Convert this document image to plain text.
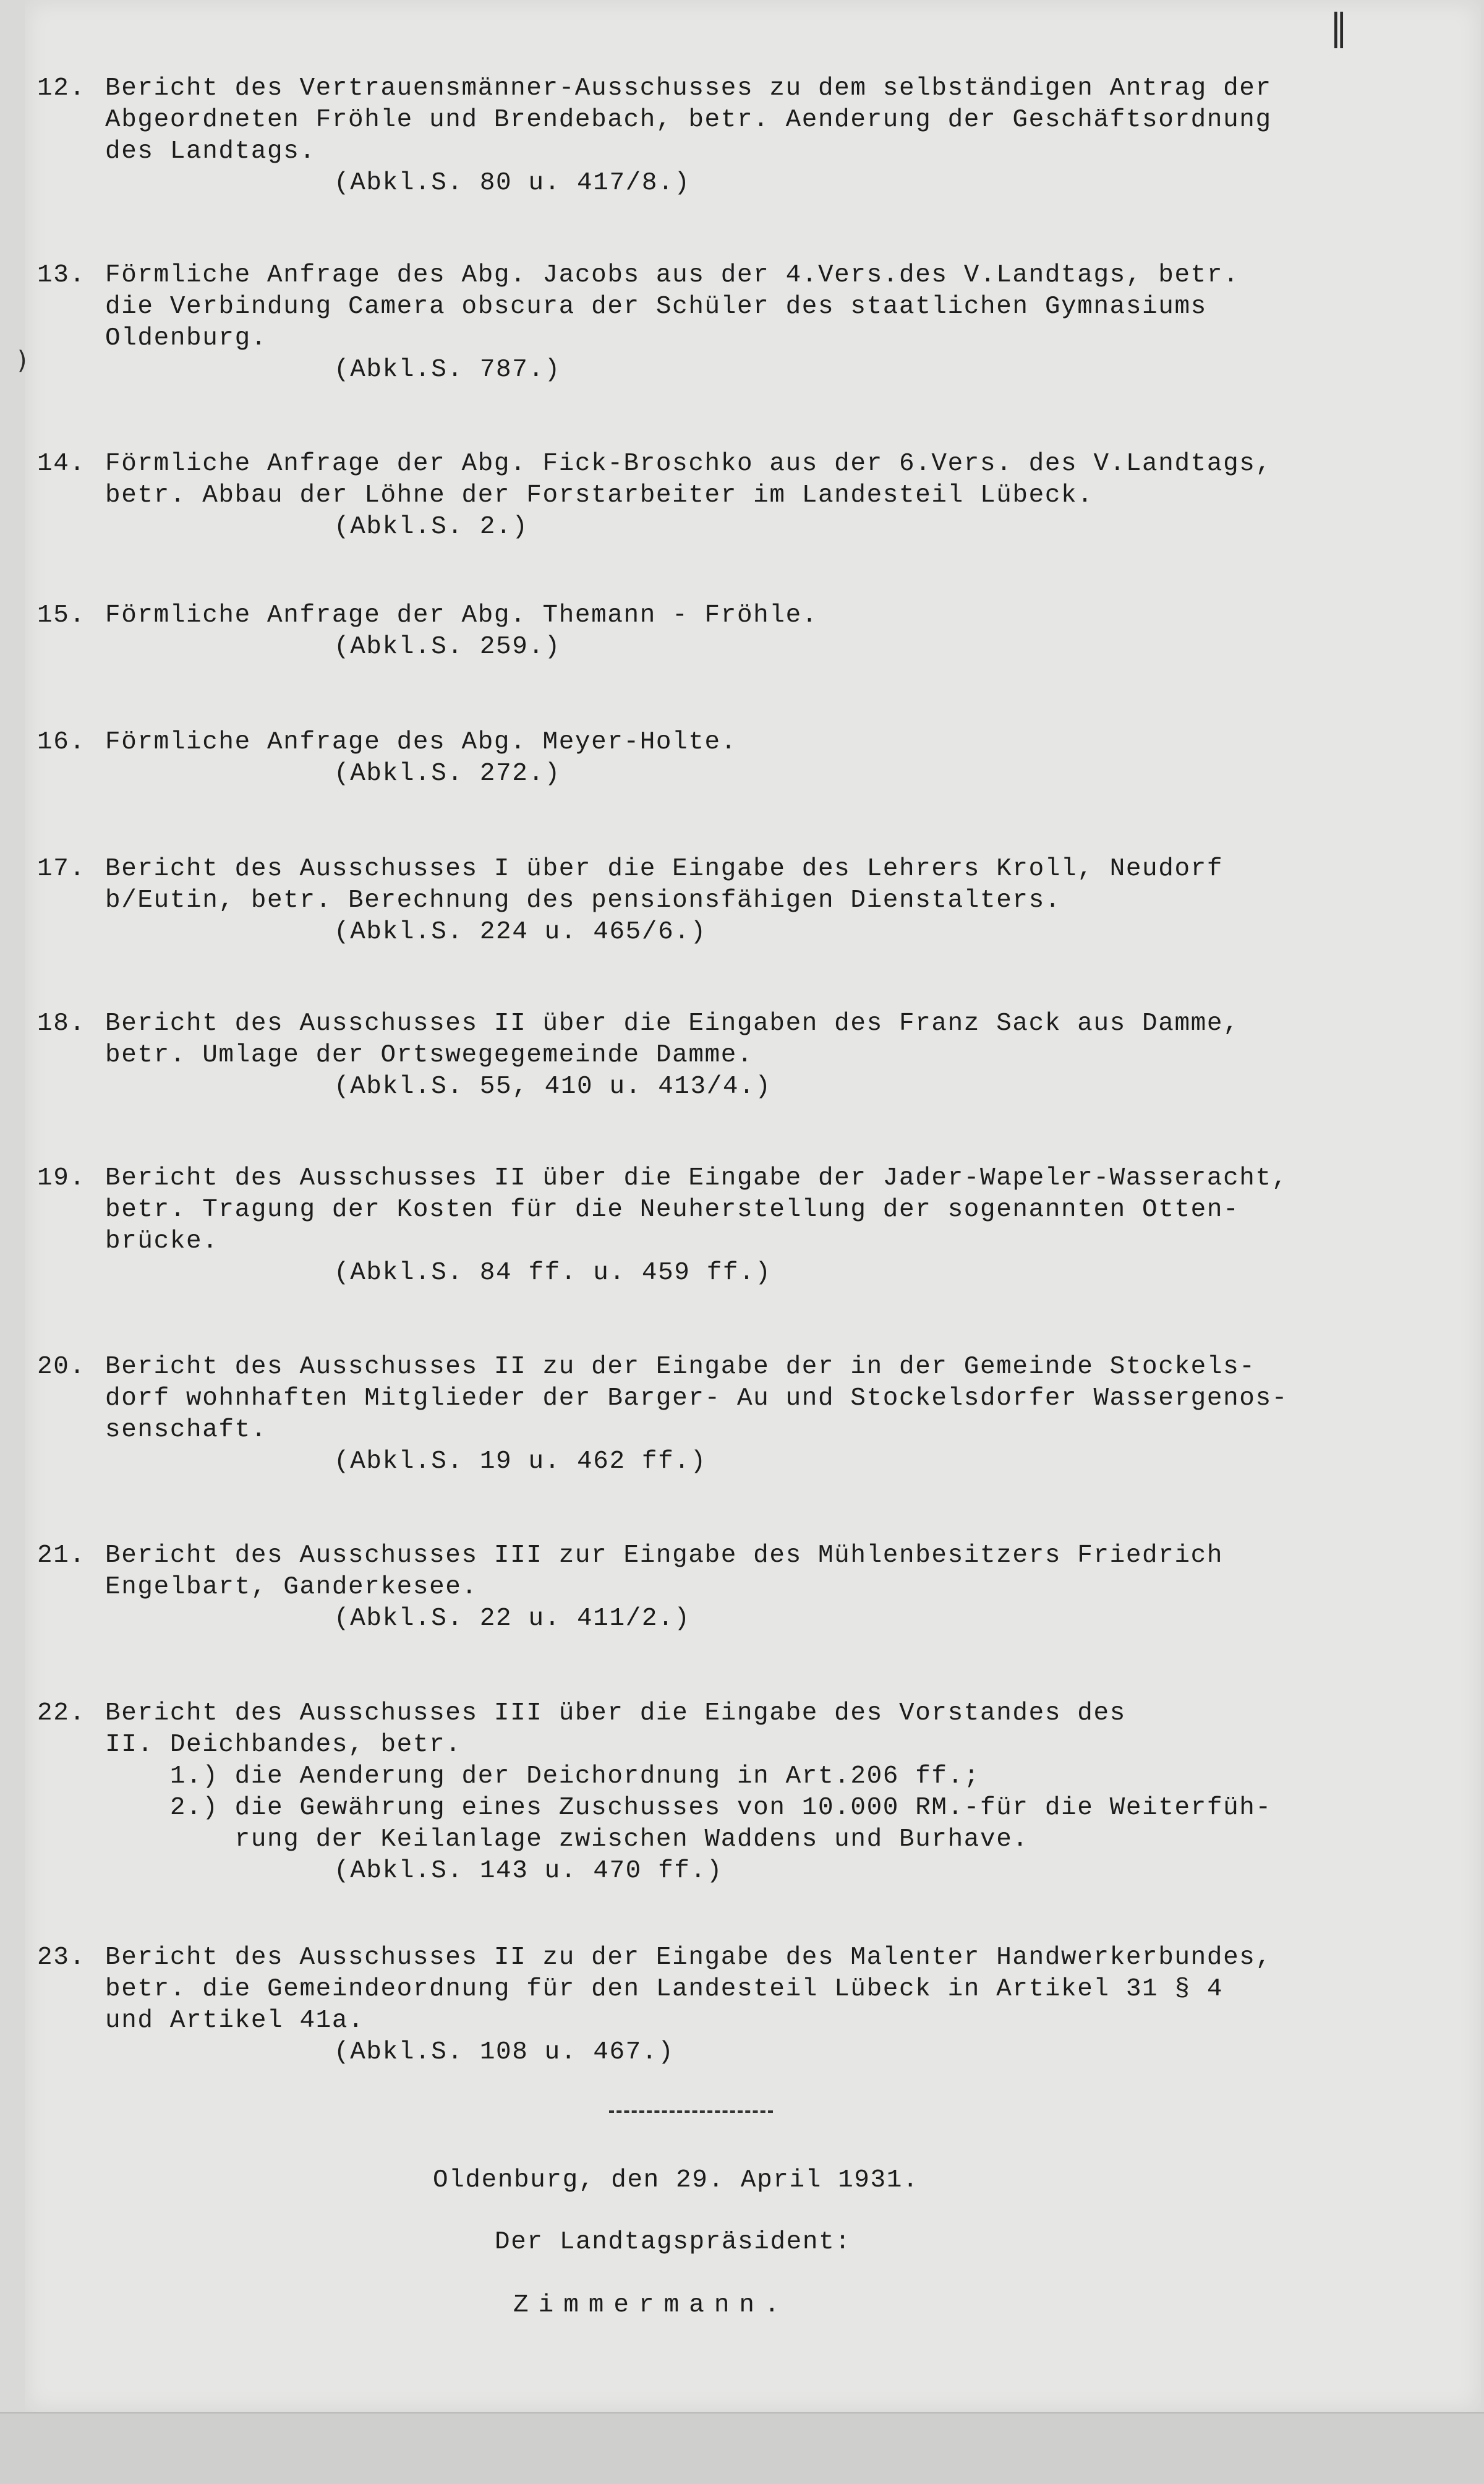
12. Bericht des Vertrauensmänner-Ausschusses zu dem selbständigen Antrag der
Abgeordneten Fröhle und Brendebach, betr. Aenderung der Geschäftsordnung
des Landtags.
(Abkl.S. 80 u. 417/8.)
13. Förmliche Anfrage des Abg. Jacobs aus der 4.Vers.des V.Landtags, betr.
die Verbindung Camera obscura der Schüler des staatlichen Gymnasiums
Oldenburg.
(Abkl.S. 787.)
14. Förmliche Anfrage der Abg. Fick-Broschko aus der 6.Vers. des V.Landtags,
betr. Abbau der Löhne der Forstarbeiter im Landesteil Lübeck.
(Abkl.S. 2.)
15. Förmliche Anfrage der Abg. Themann - Fröhle.
(Abkl.S. 259.)
16. Förmliche Anfrage des Abg. Meyer-Holte.
(Abkl.S. 272.)
17. Bericht des Ausschusses I über die Eingabe des Lehrers Kroll, Neudorf
b/Eutin, betr. Berechnung des pensionsfähigen Dienstalters.
(Abkl.S. 224 u. 465/6.)
18. Bericht des Ausschusses II über die Eingaben des Franz Sack aus Damme,
betr. Umlage der Ortswegegemeinde Damme.
(Abkl.S. 55, 410 u. 413/4.)
19. Bericht des Ausschusses II über die Eingabe der Jader-Wapeler-Wasseracht,
betr. Tragung der Kosten für die Neuherstellung der sogenannten Otten-
brücke.
(Abkl.S. 84 ff. u. 459 ff.)
20. Bericht des Ausschusses II zu der Eingabe der in der Gemeinde Stockels-
dorf wohnhaften Mitglieder der Barger- Au und Stockelsdorfer Wassergenos-
senschaft.
(Abkl.S. 19 u. 462 ff.)
21. Bericht des Ausschusses III zur Eingabe des Mühlenbesitzers Friedrich
Engelbart, Ganderkesee.
(Abkl.S. 22 u. 411/2.)
22. Bericht des Ausschusses III über die Eingabe des Vorstandes des
II. Deichbandes, betr.
1.) die Aenderung der Deichordnung in Art.206 ff.;
2.) die Gewährung eines Zuschusses von 10.000 RM.-für die Weiterfüh-
rung der Keilanlage zwischen Waddens und Burhave.
(Abkl.S. 143 u. 470 ff.)
23. Bericht des Ausschusses II zu der Eingabe des Malenter Handwerkerbundes,
betr. die Gemeindeordnung für den Landesteil Lübeck in Artikel 31 § 4
und Artikel 41a.
(Abkl.S. 108 u. 467.)
Oldenburg, den 29. April 1931.
Der Landtagspräsident:
Zimmermann.
∥
)
